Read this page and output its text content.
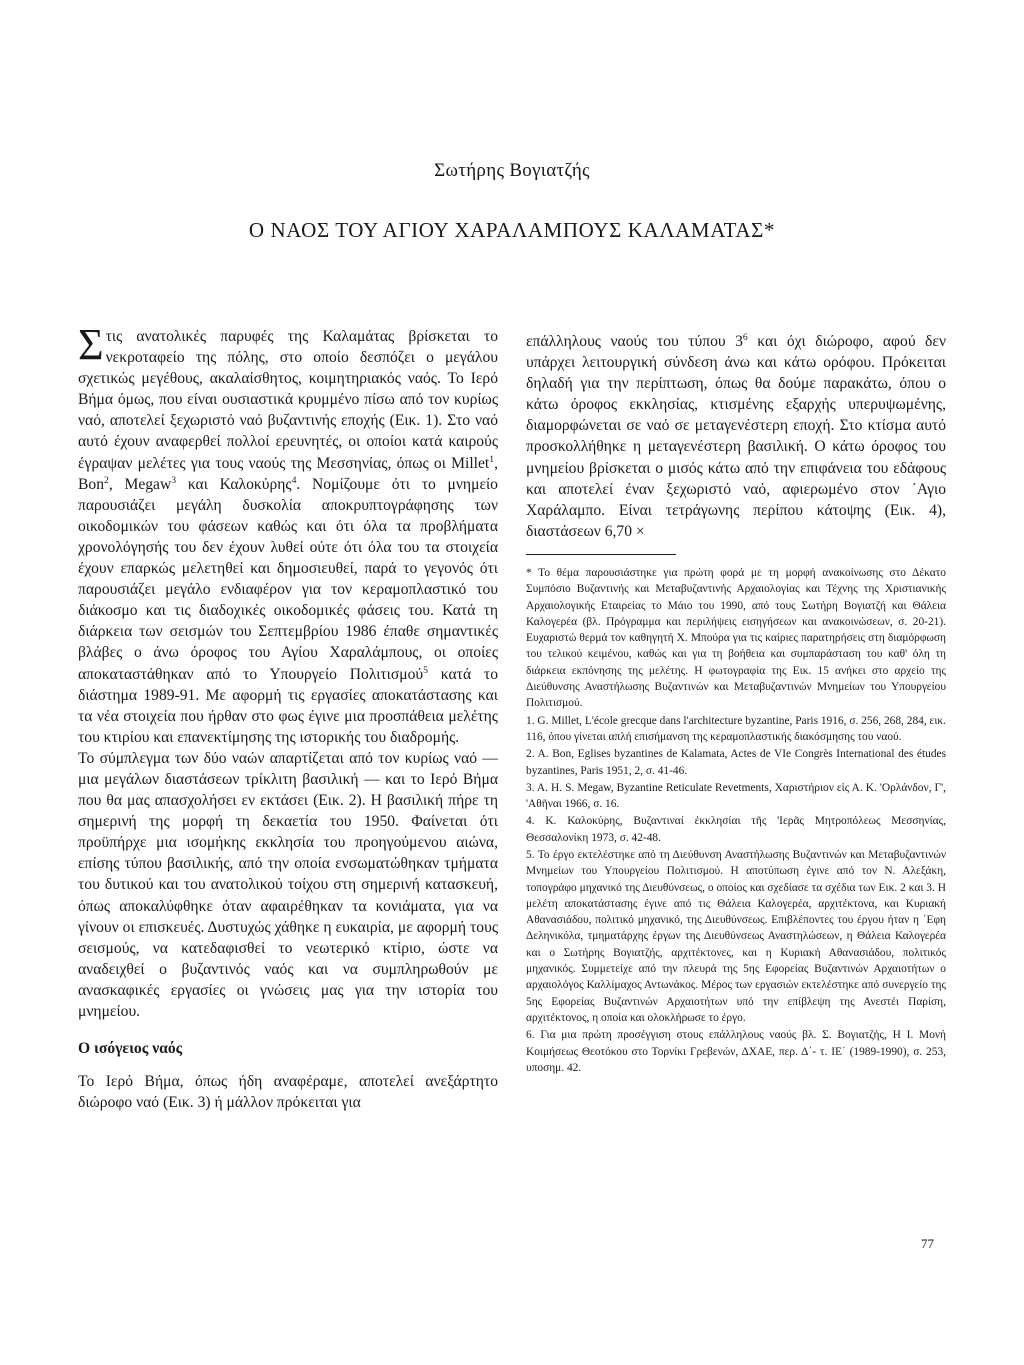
Σωτήρης Βογιατζής
Ο ΝΑΟΣ ΤΟΥ ΑΓΙΟΥ ΧΑΡΑΛΑΜΠΟΥΣ ΚΑΛΑΜΑΤΑΣ*

Στις ανατολικές παρυφές της Καλαμάτας βρίσκεται το νεκροταφείο της πόλης, στο οποίο δεσπόζει ο μεγάλου σχετικώς μεγέθους, ακαλαίσθητος, κοιμητηριακός ναός. Το Ιερό Βήμα όμως, που είναι ουσιαστικά κρυμμένο πίσω από τον κυρίως ναό, αποτελεί ξεχωριστό ναό βυζαντινής εποχής (Εικ. 1). Στο ναό αυτό έχουν αναφερθεί πολλοί ερευνητές, οι οποίοι κατά καιρούς έγραψαν μελέτες για τους ναούς της Μεσσηνίας, όπως οι Millet$^1$, Bon$^2$, Megaw$^3$ και Καλοκύρης$^4$. Νομίζουμε ότι το μνημείο παρουσιάζει μεγάλη δυσκολία αποκρυπτογράφησης των οικοδομικών του φάσεων καθώς και ότι όλα τα προβλήματα χρονολόγησής του δεν έχουν λυθεί ούτε ότι όλα του τα στοιχεία έχουν επαρκώς μελετηθεί και δημοσιευθεί, παρά το γεγονός ότι παρουσιάζει μεγάλο ενδιαφέρον για τον κεραμοπλαστικό του διάκοσμο και τις διαδοχικές οικοδομικές φάσεις του. Κατά τη διάρκεια των σεισμών του Σεπτεμβρίου 1986 έπαθε σημαντικές βλάβες ο άνω όροφος του Αγίου Χαραλάμπους, οι οποίες αποκαταστάθηκαν από το Υπουργείο Πολιτισμού$^5$ κατά το διάστημα 1989-91. Με αφορμή τις εργασίες αποκατάστασης και τα νέα στοιχεία που ήρθαν στο φως έγινε μια προσπάθεια μελέτης του κτιρίου και επανεκτίμησης της ιστορικής του διαδρομής.

Το σύμπλεγμα των δύο ναών απαρτίζεται από τον κυρίως ναό — μια μεγάλων διαστάσεων τρίκλιτη βασιλική — και το Ιερό Βήμα που θα μας απασχολήσει εν εκτάσει (Εικ. 2). Η βασιλική πήρε τη σημερινή της μορφή τη δεκαετία του 1950. Φαίνεται ότι προϋπήρχε μια ισομήκης εκκλησία του προηγούμενου αιώνα, επίσης τύπου βασιλικής, από την οποία ενσωματώθηκαν τμήματα του δυτικού και του ανατολικού τοίχου στη σημερινή κατασκευή, όπως αποκαλύφθηκε όταν αφαιρέθηκαν τα κονιάματα, για να γίνουν οι επισκευές. Δυστυχώς χάθηκε η ευκαιρία, με αφορμή τους σεισμούς, να κατεδαφισθεί το νεωτερικό κτίριο, ώστε να αναδειχθεί ο βυζαντινός ναός και να συμπληρωθούν με ανασκαφικές εργασίες οι γνώσεις μας για την ιστορία του μνημείου.

Ο ισόγειος ναός

Το Ιερό Βήμα, όπως ήδη αναφέραμε, αποτελεί ανεξάρτητο διώροφο ναό (Εικ. 3) ή μάλλον πρόκειται για

επάλληλους ναούς του τύπου $3^6$ και όχι διώροφο, αφού δεν υπάρχει λειτουργική σύνδεση άνω και κάτω ορόφου. Πρόκειται δηλαδή για την περίπτωση, όπως θα δούμε παρακάτω, όπου ο κάτω όροφος εκκλησίας, κτισμένης εξαρχής υπερυψωμένης, διαμορφώνεται σε ναό σε μεταγενέστερη εποχή. Στο κτίσμα αυτό προσκολλήθηκε η μεταγενέστερη βασιλική. Ο κάτω όροφος του μνημείου βρίσκεται ο μισός κάτω από την επιφάνεια του εδάφους και αποτελεί έναν ξεχωριστό ναό, αφιερωμένο στον ΄Αγιο Χαράλαμπο. Είναι τετράγωνης περίπου κάτοψης (Εικ. 4), διαστάσεων 6,70 ×

* Το θέμα παρουσιάστηκε για πρώτη φορά με τη μορφή ανακοίνωσης στο Δέκατο Συμπόσιο Βυζαντινής και Μεταβυζαντινής Αρχαιολογίας και Τέχνης της Χριστιανικής Αρχαιολογικής Εταιρείας το Μάιο του 1990, από τους Σωτήρη Βογιατζή και Θάλεια Καλογερέα (βλ. Πρόγραμμα και περιλήψεις εισηγήσεων και ανακοινώσεων, σ. 20-21). Ευχαριστώ θερμά τον καθηγητή Χ. Μπούρα για τις καίριες παρατηρήσεις στη διαμόρφωση του τελικού κειμένου, καθώς και για τη βοήθεια και συμπαράσταση του καθ' όλη τη διάρκεια εκπόνησης της μελέτης. Η φωτογραφία της Εικ. 15 ανήκει στο αρχείο της Διεύθυνσης Αναστήλωσης Βυζαντινών και Μεταβυζαντινών Μνημείων του Υπουργείου Πολιτισμού.

1. G. Millet, L'école grecque dans l'architecture byzantine, Paris 1916, σ. 256, 268, 284, εικ. 116, όπου γίνεται απλή επισήμανση της κεραμοπλαστικής διακόσμησης του ναού.

2. A. Bon, Eglises byzantines de Kalamata, Actes de VIe Congrès International des études byzantines, Paris 1951, 2, σ. 41-46.

3. A. H. S. Megaw, Byzantine Reticulate Revetments, Χαριστήριον εἰς Α. Κ. 'Ορλάνδον, Γ', 'Αθῆναι 1966, σ. 16.

4. Κ. Καλοκύρης, Βυζαντιναί ἐκκλησίαι τῆς 'Ιερᾶς Μητροπόλεως Μεσσηνίας, Θεσσαλονίκη 1973, σ. 42-48.

5. Το έργο εκτελέστηκε από τη Διεύθυνση Αναστήλωσης Βυζαντινών και Μεταβυζαντινών Μνημείων του Υπουργείου Πολιτισμού. Η αποτύπωση έγινε από τον Ν. Αλεξάκη, τοπογράφο μηχανικό της Διευθύνσεως, ο οποίος και σχεδίασε τα σχέδια των Εικ. 2 και 3. Η μελέτη αποκατάστασης έγινε από τις Θάλεια Καλογερέα, αρχιτέκτονα, και Κυριακή Αθανασιάδου, πολιτικό μηχανικό, της Διευθύνσεως. Επιβλέποντες του έργου ήταν η ΄Εφη Δεληνικόλα, τμηματάρχης έργων της Διευθύνσεως Αναστηλώσεων, η Θάλεια Καλογερέα και ο Σωτήρης Βογιατζής, αρχιτέκτονες, και η Κυριακή Αθανασιάδου, πολιτικός μηχανικός. Συμμετείχε από την πλευρά της 5ης Εφορείας Βυζαντινών Αρχαιοτήτων ο αρχαιολόγος Καλλίμαχος Αντωνάκος. Μέρος των εργασιών εκτελέστηκε από συνεργείο της 5ης Εφορείας Βυζαντινών Αρχαιοτήτων υπό την επίβλεψη της Ανεστέι Παρίση, αρχιτέκτονος, η οποία και ολοκλήρωσε το έργο.

6. Για μια πρώτη προσέγγιση στους επάλληλους ναούς βλ. Σ. Βογιατζής, Η Ι. Μονή Κοιμήσεως Θεοτόκου στο Τορνίκι Γρεβενών, ΔΧΑΕ, περ. Δ΄- τ. ΙΕ΄ (1989-1990), σ. 253, υποσημ. 42.

77
